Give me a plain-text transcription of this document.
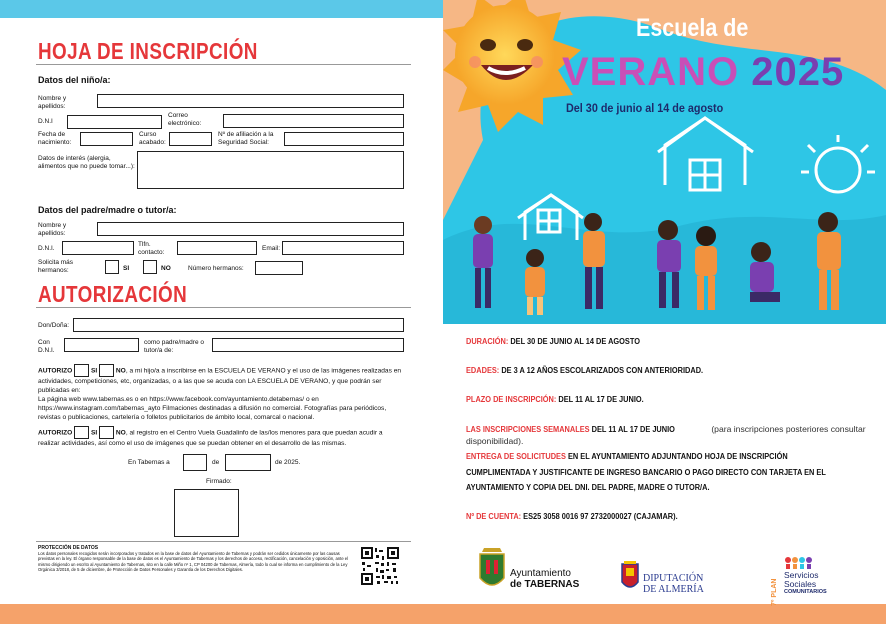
HOJA DE INSCRIPCIÓN
Datos del niño/a:
Nombre y apellidos:
D.N.I
Correo electrónico:
Fecha de nacimiento:
Curso acabado:
Nº de afiliación a la Seguridad Social:
Datos de interés (alergia, alimentos que no puede tomar...):
Datos del padre/madre o tutor/a:
Nombre y apellidos:
D.N.I.
Tlfn. contacto:
Email:
Solicita más hermanos:	SI	NO	Número hermanos:
AUTORIZACIÓN
Don/Doña:
Con D.N.I.
como padre/madre o tutor/a de:
AUTORIZO	SI	NO, a mi hijo/a a inscribirse en la ESCUELA DE VERANO y el uso de las imágenes realizadas en actividades, competiciones, etc, organizadas, o a las que se acuda con LA ESCUELA DE VERANO, y que podrán ser publicadas en:
La página web www.tabernas.es o en https://www.facebook.com/ayuntamiento.detabernas/ o en https://www.instagram.com/tabernas_ayto Filmaciones destinadas a difusión no comercial. Fotografías para periódicos, revistas o publicaciones, cartelería o folletos publicitarios de ámbito local, comarcal o nacional.
AUTORIZO	SI	NO, al registro en el Centro Vuela Guadalinfo de las/los menores para que puedan acudir a realizar actividades, así como el uso de imágenes que se puedan obtener en el desarrollo de las mismas.
En Tabernas a	de	de 2025.
Firmado:
PROTECCIÓN DE DATOS
Los datos personales recogidos serán incorporados y tratados en la base de datos del Ayuntamiento de Tabernas y podrán ser cedidos únicamente por las causas previstas en la ley. El órgano responsable de la base de datos es el Ayuntamiento de Tabernas y los derechos de acceso, rectificación, cancelación y oposición, ante el mismo dirigiendo un escrito al Ayuntamiento de Tabernas, sito en la calle Miño nº 1, CP 04200 de Tabernas, Almería, todo lo cual se informa en cumplimiento de la Ley Orgánica 3/2018, de 5 de diciembre, de Protección de Datos Personales y Garantía de los Derechos Digitales.
Escuela de
VERANO 2025
Del 30 de junio al 14 de agosto
DURACIÓN: DEL 30 DE JUNIO AL 14 DE AGOSTO
EDADES: DE 3 A 12 AÑOS ESCOLARIZADOS CON ANTERIORIDAD.
PLAZO DE INSCRIPCIÓN: DEL 11 AL 17 DE JUNIO.
LAS INSCRIPCIONES SEMANALES DEL 11 AL 17 DE JUNIO	(para inscripciones posteriores consultar disponibilidad).
ENTREGA DE SOLICITUDES EN EL AYUNTAMIENTO ADJUNTANDO HOJA DE INSCRIPCIÓN
CUMPLIMENTADA Y JUSTIFICANTE DE INGRESO BANCARIO O PAGO DIRECTO CON TARJETA EN EL
AYUNTAMIENTO Y COPIA DEL DNI. DEL PADRE, MADRE O TUTOR/A.
Nº DE CUENTA: ES25 3058 0016 97 2732000027 (CAJAMAR).
Ayuntamiento
de TABERNAS
DIPUTACIÓN
DE ALMERÍA	7º PLAN
Servicios
Sociales
COMUNITARIOS
